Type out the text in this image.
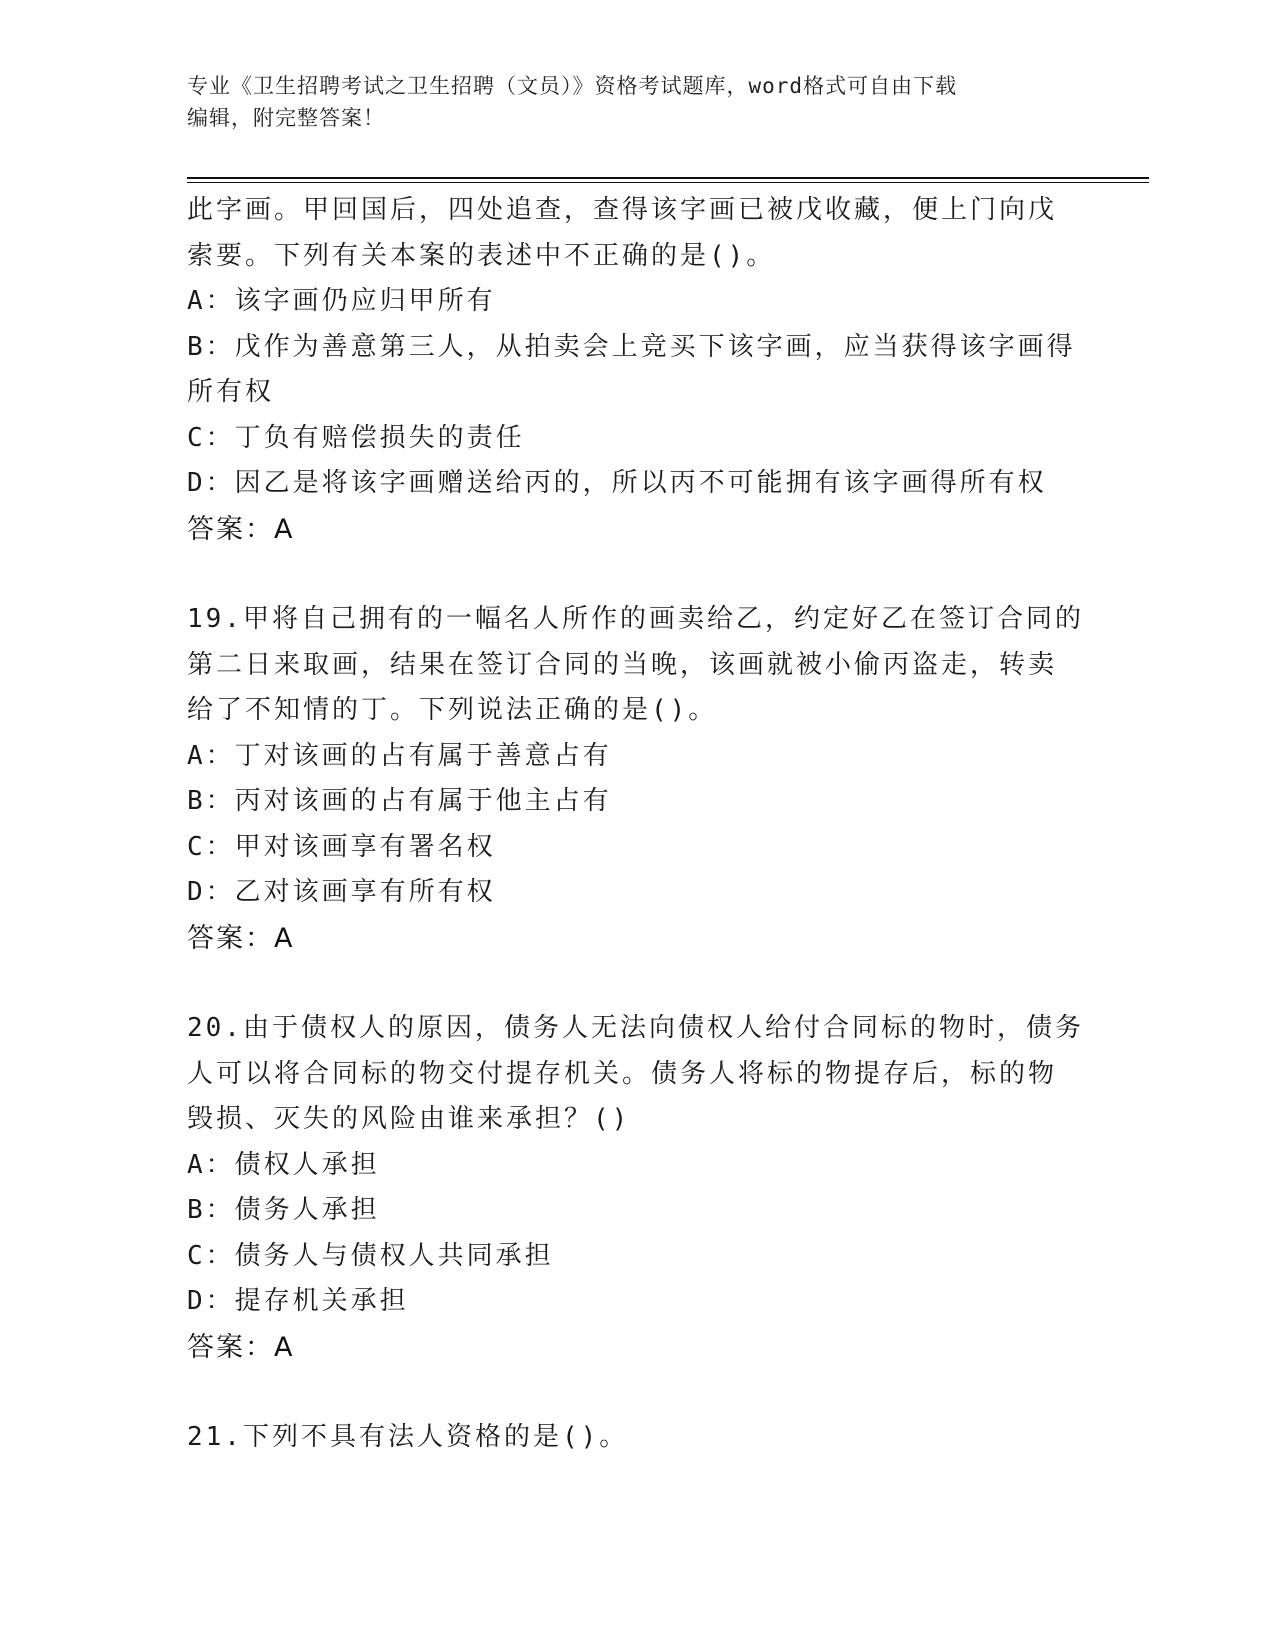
专业《卫生招聘考试之卫生招聘（文员）》资格考试题库，word格式可自由下载
编辑，附完整答案！
此字画。甲回国后，四处追查，查得该字画已被戊收藏，便上门向戊
索要。下列有关本案的表述中不正确的是()。
A：该字画仍应归甲所有
B：戊作为善意第三人，从拍卖会上竞买下该字画，应当获得该字画得
所有权
C：丁负有赔偿损失的责任
D：因乙是将该字画赠送给丙的，所以丙不可能拥有该字画得所有权
答案：A
19.甲将自己拥有的一幅名人所作的画卖给乙，约定好乙在签订合同的
第二日来取画，结果在签订合同的当晚，该画就被小偷丙盗走，转卖
给了不知情的丁。下列说法正确的是()。
A：丁对该画的占有属于善意占有
B：丙对该画的占有属于他主占有
C：甲对该画享有署名权
D：乙对该画享有所有权
答案：A
20.由于债权人的原因，债务人无法向债权人给付合同标的物时，债务
人可以将合同标的物交付提存机关。债务人将标的物提存后，标的物
毁损、灭失的风险由谁来承担？()
A：债权人承担
B：债务人承担
C：债务人与债权人共同承担
D：提存机关承担
答案：A
21.下列不具有法人资格的是()。
